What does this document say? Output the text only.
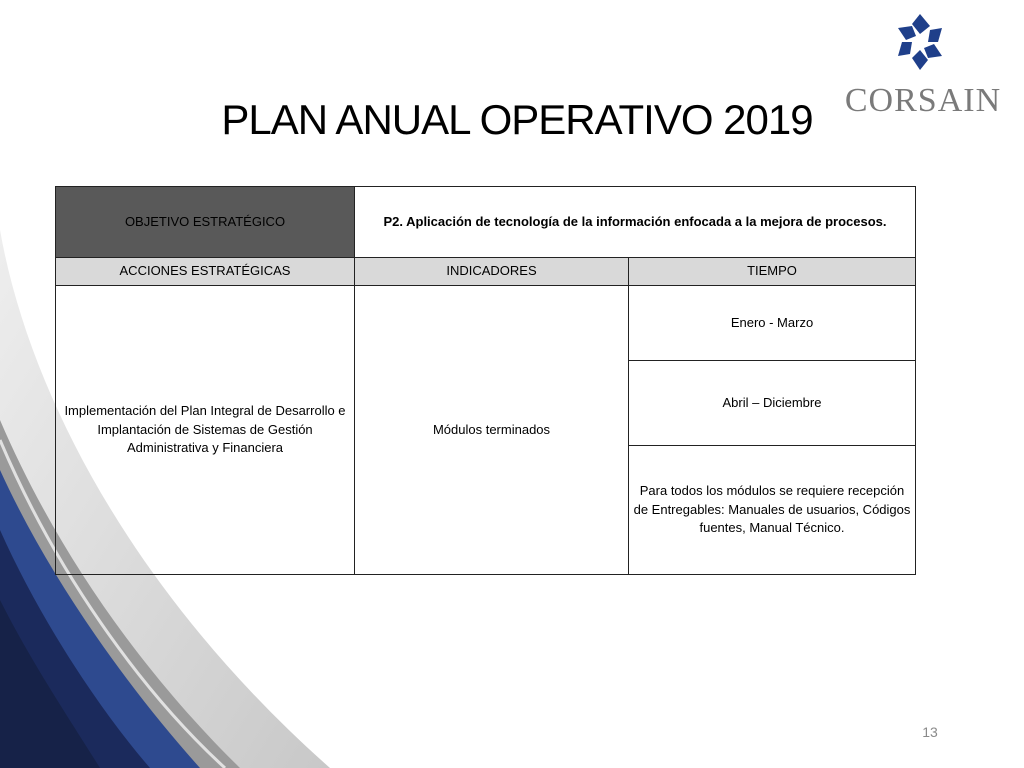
CORSAIN
PLAN ANUAL OPERATIVO 2019
OBJETIVO ESTRATÉGICO	P2. Aplicación de tecnología de la información enfocada a la mejora de procesos.	
ACCIONES ESTRATÉGICAS	INDICADORES	TIEMPO
Implementación del Plan Integral de Desarrollo e Implantación de Sistemas de Gestión Administrativa y Financiera	Módulos terminados	Enero - Marzo
		Abril – Diciembre
		Para todos los módulos se requiere recepción de Entregables: Manuales de usuarios, Códigos fuentes, Manual Técnico.
13
